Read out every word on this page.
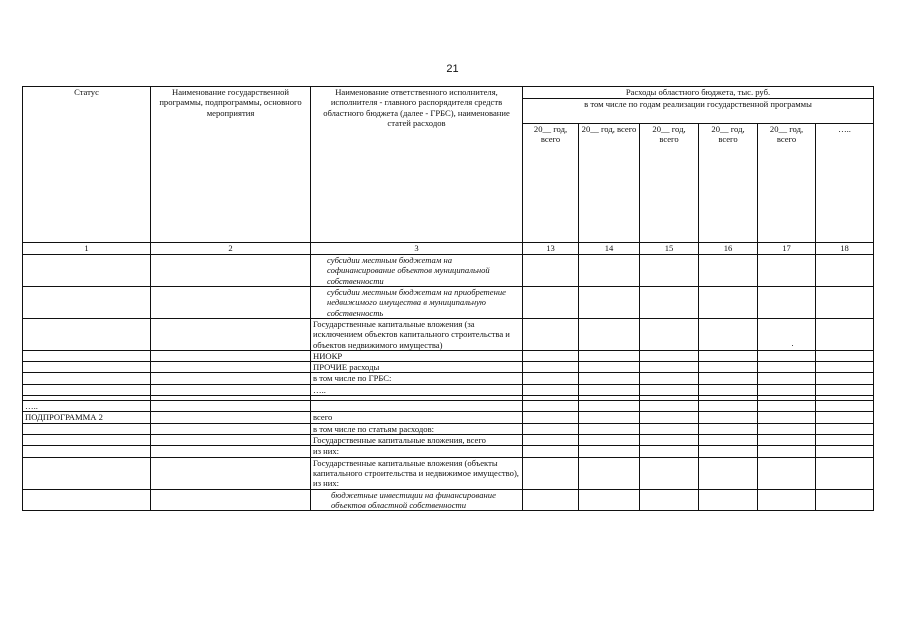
21
Статус	Наименование государственной программы, подпрограммы, основного мероприятия	Наименование ответственного исполнителя, исполнителя - главного распорядителя средств областного бюджета (далее - ГРБС), наименование статей расходов	Расходы областного бюджета, тыс. руб.					
			в том числе по годам реализации государственной программы					
			20__ год, всего	20__ год, всего	20__ год, всего	20__ год, всего	20__ год, всего	…..
1	2	3	13	14	15	16	17	18
		субсидии местным бюджетам на софинансирование объектов муниципальной собственности						
		субсидии местным бюджетам на приобретение недвижимого имущества в муниципальную собственность						
		Государственные капитальные вложения (за исключением объектов капитального строительства и объектов недвижимого имущества)						
		НИОКР						
		ПРОЧИЕ расходы						
		в том числе по ГРБС:						
		…..						

…..								
ПОДПРОГРАММА 2		всего						
		в том числе по статьям расходов:						
		Государственные капитальные вложения, всего						
		из них:						
		Государственные капитальные вложения (объекты капитального строительства и недвижимое имущество), из них:						
		бюджетные инвестиции на финансирование объектов областной собственности						
